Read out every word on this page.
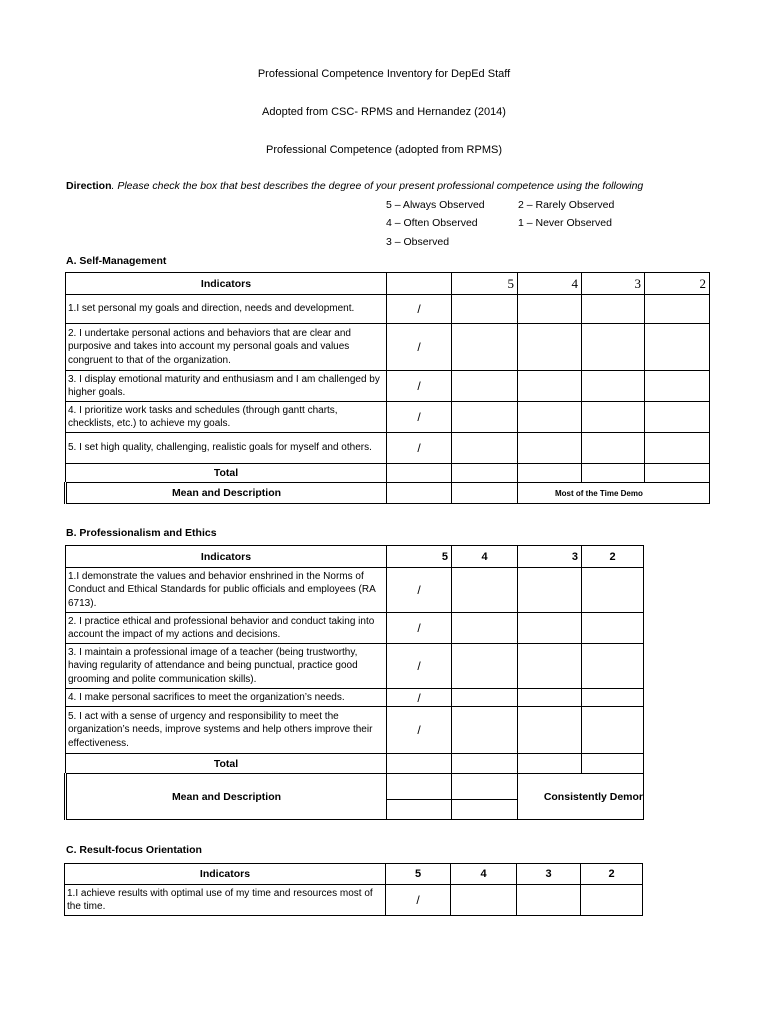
Professional Competence Inventory for DepEd Staff
Adopted from CSC- RPMS and Hernandez (2014)
Professional Competence (adopted from RPMS)
Direction. Please check the box that best describes the degree of your present professional competence using the following
5 – Always Observed
4 – Often Observed
3 – Observed
2 – Rarely Observed
1 – Never Observed
A. Self-Management
Indicators		5	4	3	2
1.I set personal my goals and direction, needs and development.	/				
2. I undertake personal actions and behaviors that are clear and purposive and takes into account my personal goals and values congruent to that of the organization.	/				
3. I display emotional maturity and enthusiasm and I am challenged by higher goals.	/				
4. I prioritize work tasks and schedules (through gantt charts, checklists, etc.) to achieve my goals.	/				
5. I set high quality, challenging, realistic goals for myself and others.	/				
Total					
Mean and Description			Most of the Time Demo		
B. Professionalism and Ethics
Indicators	5	4	3	2
1.I demonstrate the values and behavior enshrined in the Norms of Conduct and Ethical Standards for public officials and employees (RA 6713).	/			
2. I practice ethical and professional behavior and conduct taking into account the impact of my actions and decisions.	/			
3. I maintain a professional image of a teacher (being trustworthy, having regularity of attendance and being punctual, practice good grooming and polite communication skills).	/			
4. I make personal sacrifices to meet the organization’s needs.	/			
5. I act with a sense of urgency and responsibility to meet the organization’s needs, improve systems and help others improve their effectiveness.	/			
Total				
Mean and Description			Consistently Demor	

C. Result-focus Orientation
Indicators	5	4	3	2
1.I achieve results with optimal use of my time and resources most of the time.	/			
